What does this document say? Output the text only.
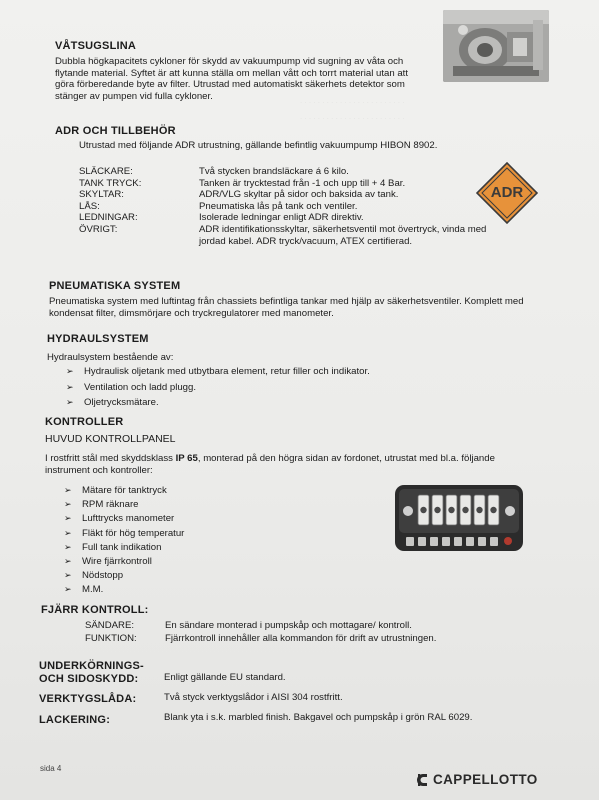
. . . . . . . . . . . . . . . . . . . . . . . .
. . . . . . . . . . . . . . . . . . . . . . . .
VÅTSUGSLINA
Dubbla högkapacitets cykloner för skydd av vakuumpump vid sugning av våta och flytande material. Syftet är att kunna ställa om mellan vått och torrt material utan att göra förberedande byte av filter. Utrustad med automatiskt säkerhets detektor som stänger av pumpen vid fulla cykloner.
ADR OCH TILLBEHÖR
Utrustad med följande ADR utrustning, gällande befintlig vakuumpump HIBON 8902.
SLÄCKARE:	Två stycken brandsläckare á 6 kilo.
TANK TRYCK:	Tanken är trycktestad från -1 och upp till + 4 Bar.
SKYLTAR:	ADR/VLG skyltar på sidor och baksida av tank.
LÅS:	Pneumatiska lås på tank och ventiler.
LEDNINGAR:	Isolerade ledningar enligt ADR direktiv.
ÖVRIGT:	ADR identifikationsskyltar, säkerhetsventil mot övertryck, vinda med jordad kabel. ADR tryck/vacuum, ATEX certifierad.
ADR
PNEUMATISKA SYSTEM
Pneumatiska system med luftintag från chassiets befintliga tankar med hjälp av säkerhetsventiler. Komplett med kondensat filter, dimsmörjare och tryckregulatorer med manometer.
HYDRAULSYSTEM
Hydraulsystem bestående av:
➢ Hydraulisk oljetank med utbytbara element, retur filler och indikator.
➢ Ventilation och ladd plugg.
➢ Oljetrycksmätare.
KONTROLLER
HUVUD KONTROLLPANEL
I rostfritt stål med skyddsklass IP 65, monterad på den högra sidan av fordonet, utrustat med bl.a. följande instrument och kontroller:
➢ Mätare för tanktryck
➢ RPM räknare
➢ Lufttrycks manometer
➢ Fläkt för hög temperatur
➢ Full tank indikation
➢ Wire fjärrkontroll
➢ Nödstopp
➢ M.M.
FJÄRR KONTROLL:
SÄNDARE:	En sändare monterad i pumpskåp och mottagare/ kontroll.
FUNKTION:	Fjärrkontroll innehåller alla kommandon för drift av utrustningen.
UNDERKÖRNINGS- OCH SIDOSKYDD:	Enligt gällande EU standard.
VERKTYGSLÅDA:	Två styck verktygslådor i AISI 304 rostfritt.
LACKERING:	Blank yta i s.k. marbled finish. Bakgavel och pumpskåp i grön RAL 6029.
sida 4
CAPPELLOTTO
